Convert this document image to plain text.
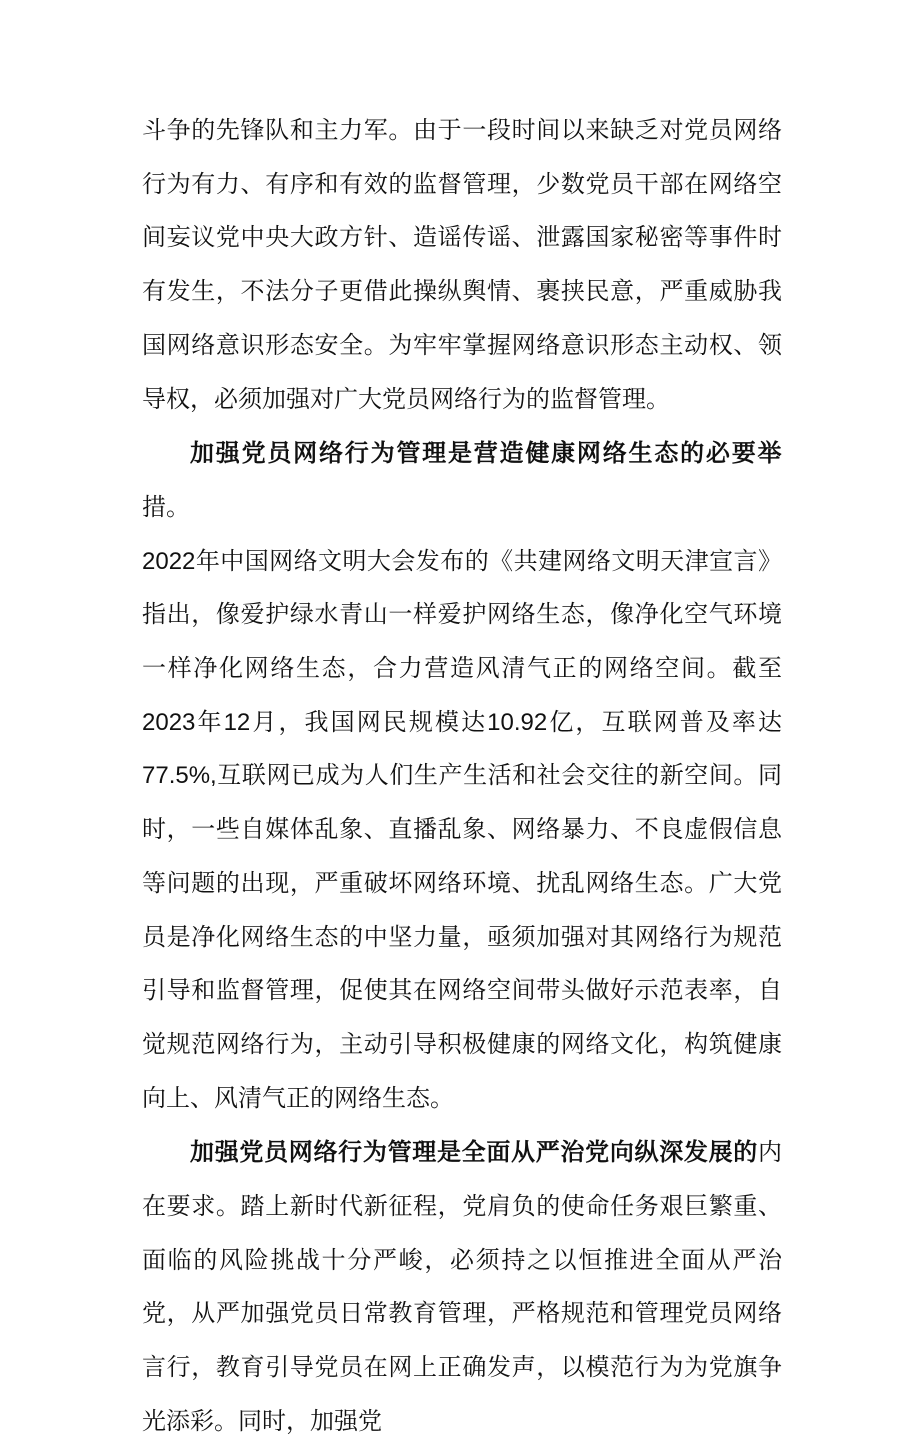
斗争的先锋队和主力军。由于一段时间以来缺乏对党员网络行为有力、有序和有效的监督管理，少数党员干部在网络空间妄议党中央大政方针、造谣传谣、泄露国家秘密等事件时有发生，不法分子更借此操纵舆情、裹挟民意，严重威胁我国网络意识形态安全。为牢牢掌握网络意识形态主动权、领导权，必须加强对广大党员网络行为的监督管理。

加强党员网络行为管理是营造健康网络生态的必要举措。
2022年中国网络文明大会发布的《共建网络文明天津宣言》指出，像爱护绿水青山一样爱护网络生态，像净化空气环境一样净化网络生态，合力营造风清气正的网络空间。截至2023年12月，我国网民规模达10.92亿，互联网普及率达77.5%,互联网已成为人们生产生活和社会交往的新空间。同时，一些自媒体乱象、直播乱象、网络暴力、不良虚假信息等问题的出现，严重破坏网络环境、扰乱网络生态。广大党员是净化网络生态的中坚力量，亟须加强对其网络行为规范引导和监督管理，促使其在网络空间带头做好示范表率，自觉规范网络行为，主动引导积极健康的网络文化，构筑健康向上、风清气正的网络生态。

加强党员网络行为管理是全面从严治党向纵深发展的内在要求。踏上新时代新征程，党肩负的使命任务艰巨繁重、面临的风险挑战十分严峻，必须持之以恒推进全面从严治党，从严加强党员日常教育管理，严格规范和管理党员网络言行，教育引导党员在网上正确发声，以模范行为为党旗争光添彩。同时，加强党
